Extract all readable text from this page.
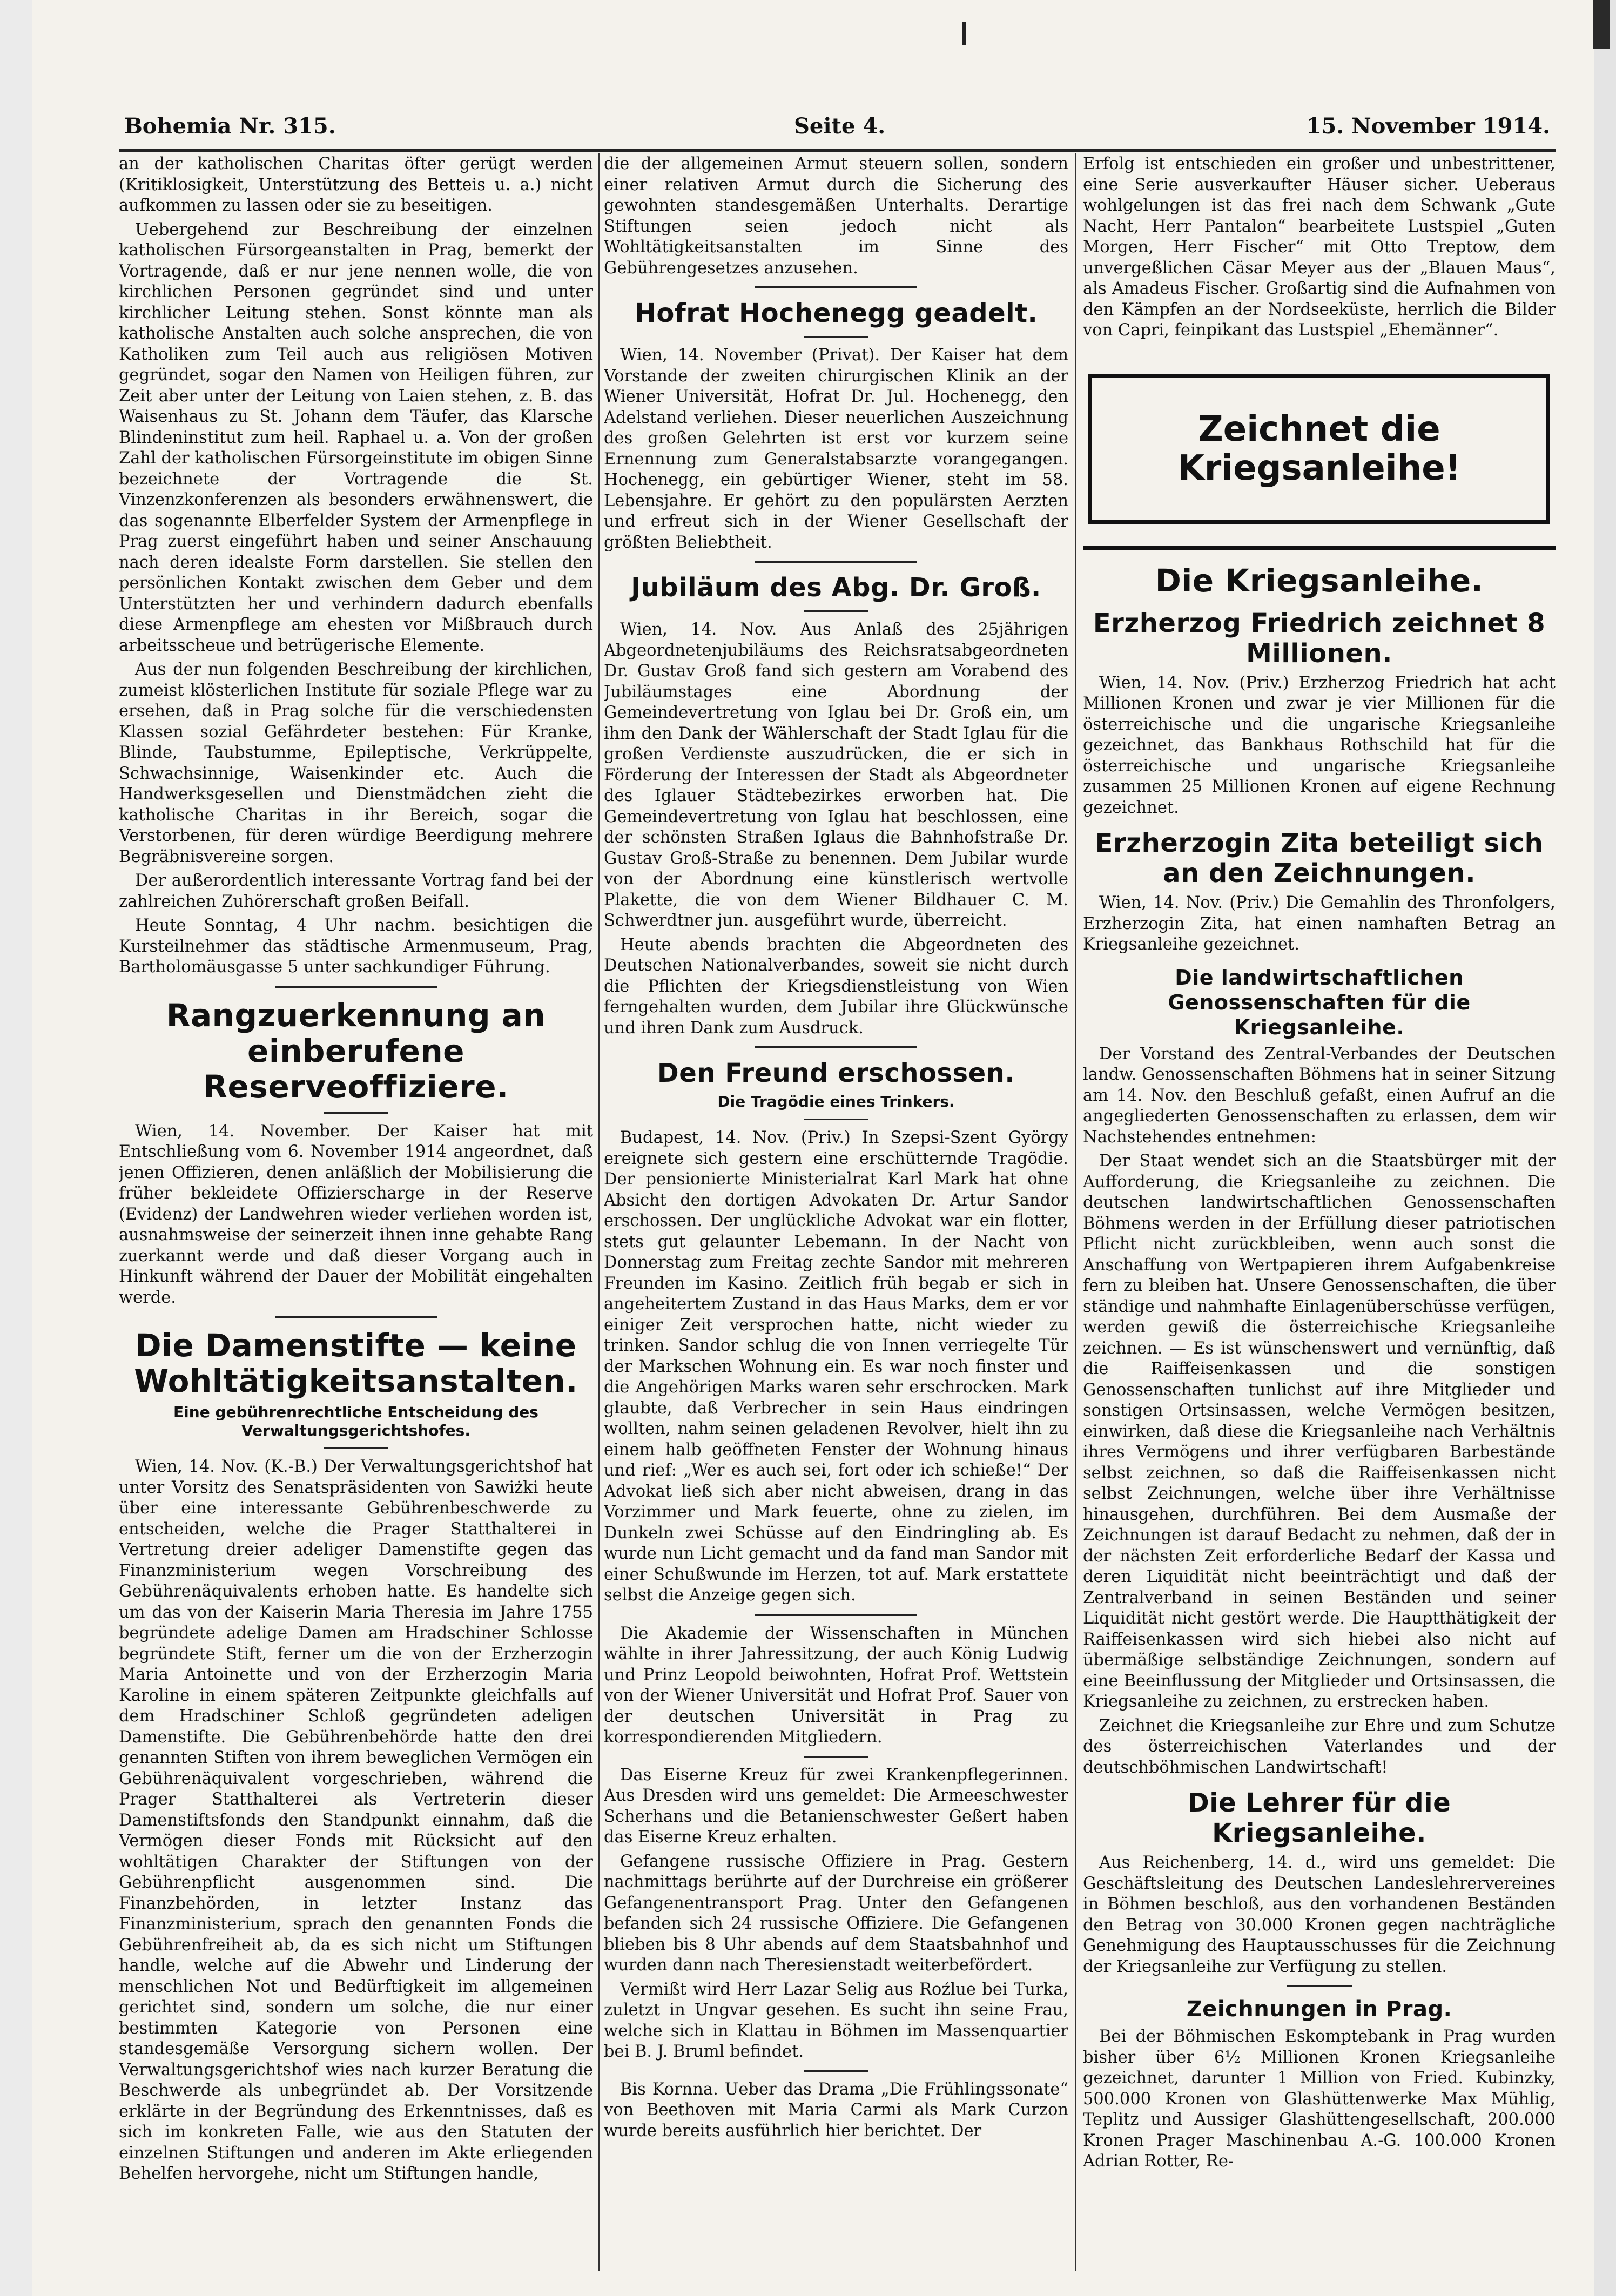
Bohemia Nr. 315.	Seite 4.	15. November 1914.

an der katholischen Charitas öfter gerügt werden (Kritiklosigkeit, Unterstützung des Betteis u. a.) nicht aufkommen zu lassen oder sie zu beseitigen.

Uebergehend zur Beschreibung der einzelnen katholischen Fürsorgeanstalten in Prag, bemerkt der Vortragende, daß er nur jene nennen wolle, die von kirchlichen Personen gegründet sind und unter kirchlicher Leitung stehen. Sonst könnte man als katholische Anstalten auch solche ansprechen, die von Katholiken zum Teil auch aus religiösen Motiven gegründet, sogar den Namen von Heiligen führen, zur Zeit aber unter der Leitung von Laien stehen, z. B. das Waisenhaus zu St. Johann dem Täufer, das Klarsche Blindeninstitut zum heil. Raphael u. a. Von der großen Zahl der katholischen Fürsorgeinstitute im obigen Sinne bezeichnete der Vortragende die St. Vinzenzkonferenzen als besonders erwähnenswert, die das sogenannte Elberfelder System der Armenpflege in Prag zuerst eingeführt haben und seiner Anschauung nach deren idealste Form darstellen. Sie stellen den persönlichen Kontakt zwischen dem Geber und dem Unterstützten her und verhindern dadurch ebenfalls diese Armenpflege am ehesten vor Mißbrauch durch arbeitsscheue und betrügerische Elemente.

Aus der nun folgenden Beschreibung der kirchlichen, zumeist klösterlichen Institute für soziale Pflege war zu ersehen, daß in Prag solche für die verschiedensten Klassen sozial Gefährdeter bestehen: Für Kranke, Blinde, Taubstumme, Epileptische, Verkrüppelte, Schwachsinnige, Waisenkinder etc. Auch die Handwerksgesellen und Dienstmädchen zieht die katholische Charitas in ihr Bereich, sogar die Verstorbenen, für deren würdige Beerdigung mehrere Begräbnisvereine sorgen.

Der außerordentlich interessante Vortrag fand bei der zahlreichen Zuhörerschaft großen Beifall.

Heute Sonntag, 4 Uhr nachm. besichtigen die Kursteilnehmer das städtische Armenmuseum, Prag, Bartholomäusgasse 5 unter sachkundiger Führung.

Rangzuerkennung an einberufene Reserveoffiziere.

Wien, 14. November. Der Kaiser hat mit Entschließung vom 6. November 1914 angeordnet, daß jenen Offizieren, denen anläßlich der Mobilisierung die früher bekleidete Offizierscharge in der Reserve (Evidenz) der Landwehren wieder verliehen worden ist, ausnahmsweise der seinerzeit ihnen inne gehabte Rang zuerkannt werde und daß dieser Vorgang auch in Hinkunft während der Dauer der Mobilität eingehalten werde.

Die Damenstifte — keine Wohltätigkeitsanstalten.
Eine gebührenrechtliche Entscheidung des Verwaltungsgerichtshofes.

Wien, 14. Nov. (K.-B.) Der Verwaltungsgerichtshof hat unter Vorsitz des Senatspräsidenten von Sawiżki heute über eine interessante Gebührenbeschwerde zu entscheiden, welche die Prager Statthalterei in Vertretung dreier adeliger Damenstifte gegen das Finanzministerium wegen Vorschreibung des Gebührenäquivalents erhoben hatte. Es handelte sich um das von der Kaiserin Maria Theresia im Jahre 1755 begründete adelige Damen am Hradschiner Schlosse begründete Stift, ferner um die von der Erzherzogin Maria Antoinette und von der Erzherzogin Maria Karoline in einem späteren Zeitpunkte gleichfalls auf dem Hradschiner Schloß gegründeten adeligen Damenstifte. Die Gebührenbehörde hatte den drei genannten Stiften von ihrem beweglichen Vermögen ein Gebührenäquivalent vorgeschrieben, während die Prager Statthalterei als Vertreterin dieser Damenstiftsfonds den Standpunkt einnahm, daß die Vermögen dieser Fonds mit Rücksicht auf den wohltätigen Charakter der Stiftungen von der Gebührenpflicht ausgenommen sind. Die Finanzbehörden, in letzter Instanz das Finanzministerium, sprach den genannten Fonds die Gebührenfreiheit ab, da es sich nicht um Stiftungen handle, welche auf die Abwehr und Linderung der menschlichen Not und Bedürftigkeit im allgemeinen gerichtet sind, sondern um solche, die nur einer bestimmten Kategorie von Personen eine standesgemäße Versorgung sichern wollen. Der Verwaltungsgerichtshof wies nach kurzer Beratung die Beschwerde als unbegründet ab. Der Vorsitzende erklärte in der Begründung des Erkenntnisses, daß es sich im konkreten Falle, wie aus den Statuten der einzelnen Stiftungen und anderen im Akte erliegenden Behelfen hervorgehe, nicht um Stiftungen handle,

die der allgemeinen Armut steuern sollen, sondern einer relativen Armut durch die Sicherung des gewohnten standesgemäßen Unterhalts. Derartige Stiftungen seien jedoch nicht als Wohltätigkeitsanstalten im Sinne des Gebührengesetzes anzusehen.

Hofrat Hochenegg geadelt.

Wien, 14. November (Privat). Der Kaiser hat dem Vorstande der zweiten chirurgischen Klinik an der Wiener Universität, Hofrat Dr. Jul. Hochenegg, den Adelstand verliehen. Dieser neuerlichen Auszeichnung des großen Gelehrten ist erst vor kurzem seine Ernennung zum Generalstabsarzte vorangegangen. Hochenegg, ein gebürtiger Wiener, steht im 58. Lebensjahre. Er gehört zu den populärsten Aerzten und erfreut sich in der Wiener Gesellschaft der größten Beliebtheit.

Jubiläum des Abg. Dr. Groß.

Wien, 14. Nov. Aus Anlaß des 25jährigen Abgeordnetenjubiläums des Reichsratsabgeordneten Dr. Gustav Groß fand sich gestern am Vorabend des Jubiläumstages eine Abordnung der Gemeindevertretung von Iglau bei Dr. Groß ein, um ihm den Dank der Wählerschaft der Stadt Iglau für die großen Verdienste auszudrücken, die er sich in Förderung der Interessen der Stadt als Abgeordneter des Iglauer Städtebezirkes erworben hat. Die Gemeindevertretung von Iglau hat beschlossen, eine der schönsten Straßen Iglaus die Bahnhofstraße Dr. Gustav Groß-Straße zu benennen. Dem Jubilar wurde von der Abordnung eine künstlerisch wertvolle Plakette, die von dem Wiener Bildhauer C. M. Schwerdtner jun. ausgeführt wurde, überreicht.

Heute abends brachten die Abgeordneten des Deutschen Nationalverbandes, soweit sie nicht durch die Pflichten der Kriegsdienstleistung von Wien ferngehalten wurden, dem Jubilar ihre Glückwünsche und ihren Dank zum Ausdruck.

Den Freund erschossen.
Die Tragödie eines Trinkers.

Budapest, 14. Nov. (Priv.) In Szepsi-Szent György ereignete sich gestern eine erschütternde Tragödie. Der pensionierte Ministerialrat Karl Mark hat ohne Absicht den dortigen Advokaten Dr. Artur Sandor erschossen. Der unglückliche Advokat war ein flotter, stets gut gelaunter Lebemann. In der Nacht von Donnerstag zum Freitag zechte Sandor mit mehreren Freunden im Kasino. Zeitlich früh begab er sich in angeheitertem Zustand in das Haus Marks, dem er vor einiger Zeit versprochen hatte, nicht wieder zu trinken. Sandor schlug die von Innen verriegelte Tür der Markschen Wohnung ein. Es war noch finster und die Angehörigen Marks waren sehr erschrocken. Mark glaubte, daß Verbrecher in sein Haus eindringen wollten, nahm seinen geladenen Revolver, hielt ihn zu einem halb geöffneten Fenster der Wohnung hinaus und rief: „Wer es auch sei, fort oder ich schieße!“ Der Advokat ließ sich aber nicht abweisen, drang in das Vorzimmer und Mark feuerte, ohne zu zielen, im Dunkeln zwei Schüsse auf den Eindringling ab. Es wurde nun Licht gemacht und da fand man Sandor mit einer Schußwunde im Herzen, tot auf. Mark erstattete selbst die Anzeige gegen sich.

Die Akademie der Wissenschaften in München wählte in ihrer Jahressitzung, der auch König Ludwig und Prinz Leopold beiwohnten, Hofrat Prof. Wettstein von der Wiener Universität und Hofrat Prof. Sauer von der deutschen Universität in Prag zu korrespondierenden Mitgliedern.

Das Eiserne Kreuz für zwei Krankenpflegerinnen. Aus Dresden wird uns gemeldet: Die Armeeschwester Scherhans und die Betanienschwester Geßert haben das Eiserne Kreuz erhalten.

Gefangene russische Offiziere in Prag. Gestern nachmittags berührte auf der Durchreise ein größerer Gefangenentransport Prag. Unter den Gefangenen befanden sich 24 russische Offiziere. Die Gefangenen blieben bis 8 Uhr abends auf dem Staatsbahnhof und wurden dann nach Theresienstadt weiterbefördert.

Vermißt wird Herr Lazar Selig aus Roźlue bei Turka, zuletzt in Ungvar gesehen. Es sucht ihn seine Frau, welche sich in Klattau in Böhmen im Massenquartier bei B. J. Bruml befindet.

Bis Kornna. Ueber das Drama „Die Frühlingssonate“ von Beethoven mit Maria Carmi als Mark Curzon wurde bereits ausführlich hier berichtet. Der

Erfolg ist entschieden ein großer und unbestrittener, eine Serie ausverkaufter Häuser sicher. Ueberaus wohlgelungen ist das frei nach dem Schwank „Gute Nacht, Herr Pantalon“ bearbeitete Lustspiel „Guten Morgen, Herr Fischer“ mit Otto Treptow, dem unvergeßlichen Cäsar Meyer aus der „Blauen Maus“, als Amadeus Fischer. Großartig sind die Aufnahmen von den Kämpfen an der Nordseeküste, herrlich die Bilder von Capri, feinpikant das Lustspiel „Ehemänner“.

Zeichnet die Kriegsanleihe!
Die Kriegsanleihe.
Erzherzog Friedrich zeichnet 8 Millionen.

Wien, 14. Nov. (Priv.) Erzherzog Friedrich hat acht Millionen Kronen und zwar je vier Millionen für die österreichische und die ungarische Kriegsanleihe gezeichnet, das Bankhaus Rothschild hat für die österreichische und ungarische Kriegsanleihe zusammen 25 Millionen Kronen auf eigene Rechnung gezeichnet.

Erzherzogin Zita beteiligt sich an den Zeichnungen.

Wien, 14. Nov. (Priv.) Die Gemahlin des Thronfolgers, Erzherzogin Zita, hat einen namhaften Betrag an Kriegsanleihe gezeichnet.

Die landwirtschaftlichen Genossenschaften für die Kriegsanleihe.

Der Vorstand des Zentral-Verbandes der Deutschen landw. Genossenschaften Böhmens hat in seiner Sitzung am 14. Nov. den Beschluß gefaßt, einen Aufruf an die angegliederten Genossenschaften zu erlassen, dem wir Nachstehendes entnehmen:

Der Staat wendet sich an die Staatsbürger mit der Aufforderung, die Kriegsanleihe zu zeichnen. Die deutschen landwirtschaftlichen Genossenschaften Böhmens werden in der Erfüllung dieser patriotischen Pflicht nicht zurückbleiben, wenn auch sonst die Anschaffung von Wertpapieren ihrem Aufgabenkreise fern zu bleiben hat. Unsere Genossenschaften, die über ständige und nahmhafte Einlagenüberschüsse verfügen, werden gewiß die österreichische Kriegsanleihe zeichnen. — Es ist wünschenswert und vernünftig, daß die Raiffeisenkassen und die sonstigen Genossenschaften tunlichst auf ihre Mitglieder und sonstigen Ortsinsassen, welche Vermögen besitzen, einwirken, daß diese die Kriegsanleihe nach Verhältnis ihres Vermögens und ihrer verfügbaren Barbestände selbst zeichnen, so daß die Raiffeisenkassen nicht selbst Zeichnungen, welche über ihre Verhältnisse hinausgehen, durchführen. Bei dem Ausmaße der Zeichnungen ist darauf Bedacht zu nehmen, daß der in der nächsten Zeit erforderliche Bedarf der Kassa und deren Liquidität nicht beeinträchtigt und daß der Zentralverband in seinen Beständen und seiner Liquidität nicht gestört werde. Die Hauptthätigkeit der Raiffeisenkassen wird sich hiebei also nicht auf übermäßige selbständige Zeichnungen, sondern auf eine Beeinflussung der Mitglieder und Ortsinsassen, die Kriegsanleihe zu zeichnen, zu erstrecken haben.

Zeichnet die Kriegsanleihe zur Ehre und zum Schutze des österreichischen Vaterlandes und der deutschböhmischen Landwirtschaft!

Die Lehrer für die Kriegsanleihe.

Aus Reichenberg, 14. d., wird uns gemeldet: Die Geschäftsleitung des Deutschen Landeslehrervereines in Böhmen beschloß, aus den vorhandenen Beständen den Betrag von 30.000 Kronen gegen nachträgliche Genehmigung des Hauptausschusses für die Zeichnung der Kriegsanleihe zur Verfügung zu stellen.

Zeichnungen in Prag.

Bei der Böhmischen Eskomptebank in Prag wurden bisher über 6½ Millionen Kronen Kriegsanleihe gezeichnet, darunter 1 Million von Fried. Kubinzky, 500.000 Kronen von Glashüttenwerke Max Mühlig, Teplitz und Aussiger Glashüttengesellschaft, 200.000 Kronen Prager Maschinenbau A.-G. 100.000 Kronen Adrian Rotter, Re-
